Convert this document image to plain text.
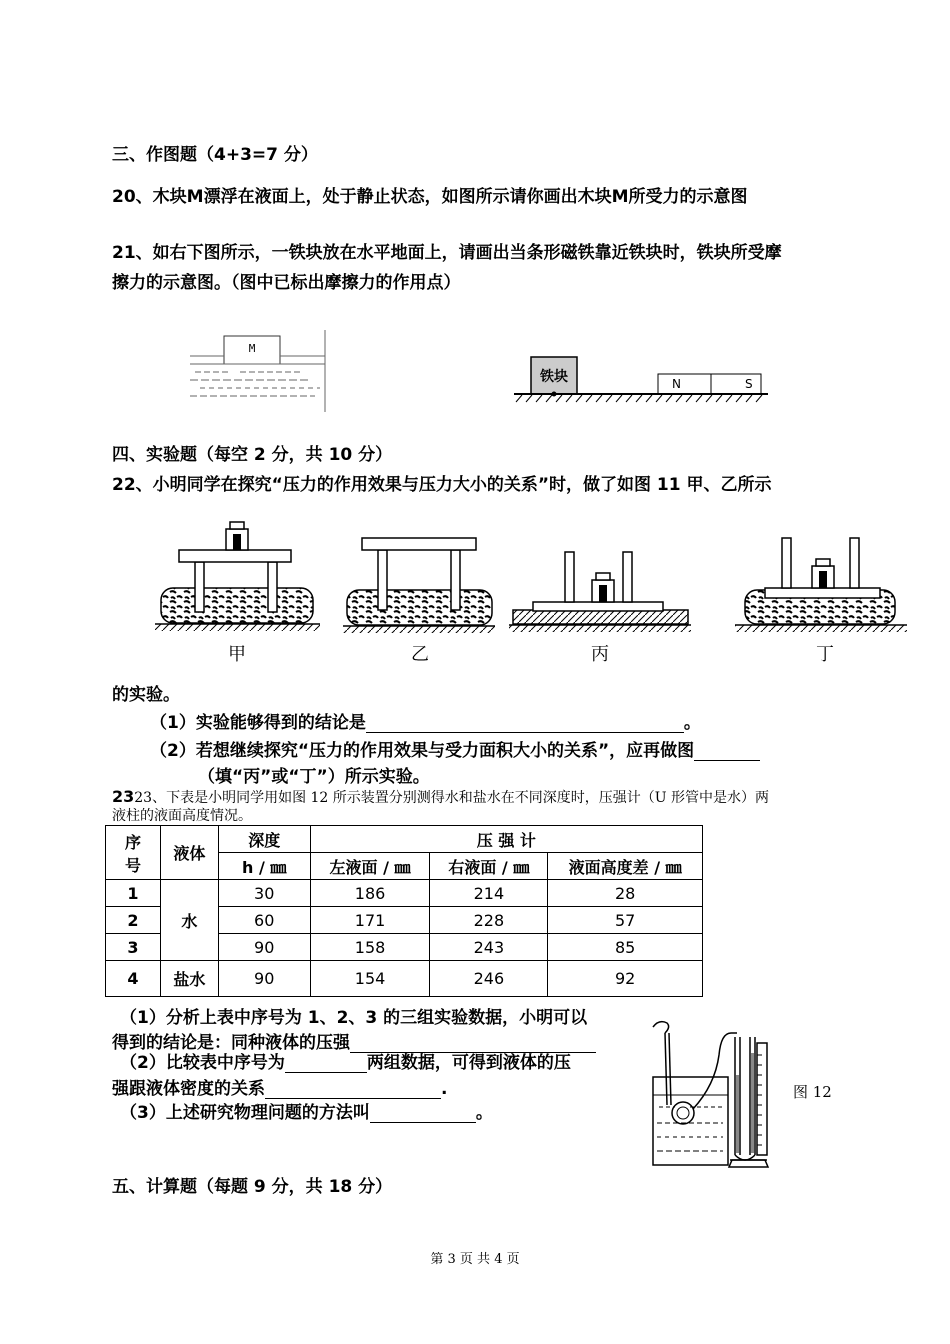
三、作图题（4+3=7 分）
20、木块M漂浮在液面上，处于静止状态，如图所示请你画出木块M所受力的示意图
21、如右下图所示，一铁块放在水平地面上，请画出当条形磁铁靠近铁块时，铁块所受摩
擦力的示意图。（图中已标出摩擦力的作用点）
M
铁块	N	S
四、实验题（每空 2 分，共 10 分）
22、小明同学在探究“压力的作用效果与压力大小的关系”时，做了如图 11 甲、乙所示
甲	乙	丙	丁
的实验。
（1）实验能够得到的结论是	。
（2）若想继续探究“压力的作用效果与受力面积大小的关系”，应再做图
（填“丙”或“丁”）所示实验。
2323、下表是小明同学用如图 12 所示装置分别测得水和盐水在不同深度时，压强计（U 形管中是水）两
液柱的液面高度情况。
序
号	液体	深度	压 强 计		
		h / ㎜	左液面 / ㎜	右液面 / ㎜	液面高度差 / ㎜
1	水	30	186	214	28
2		60	171	228	57
3		90	158	243	85
4	盐水	90	154	246	92
（1）分析上表中序号为 1、2、3 的三组实验数据，小明可以
得到的结论是：同种液体的压强
（2）比较表中序号为	两组数据，可得到液体的压
强跟液体密度的关系	.
（3）上述研究物理问题的方法叫	。
图 12
五、计算题（每题 9 分，共 18 分）
第 3 页 共 4 页
